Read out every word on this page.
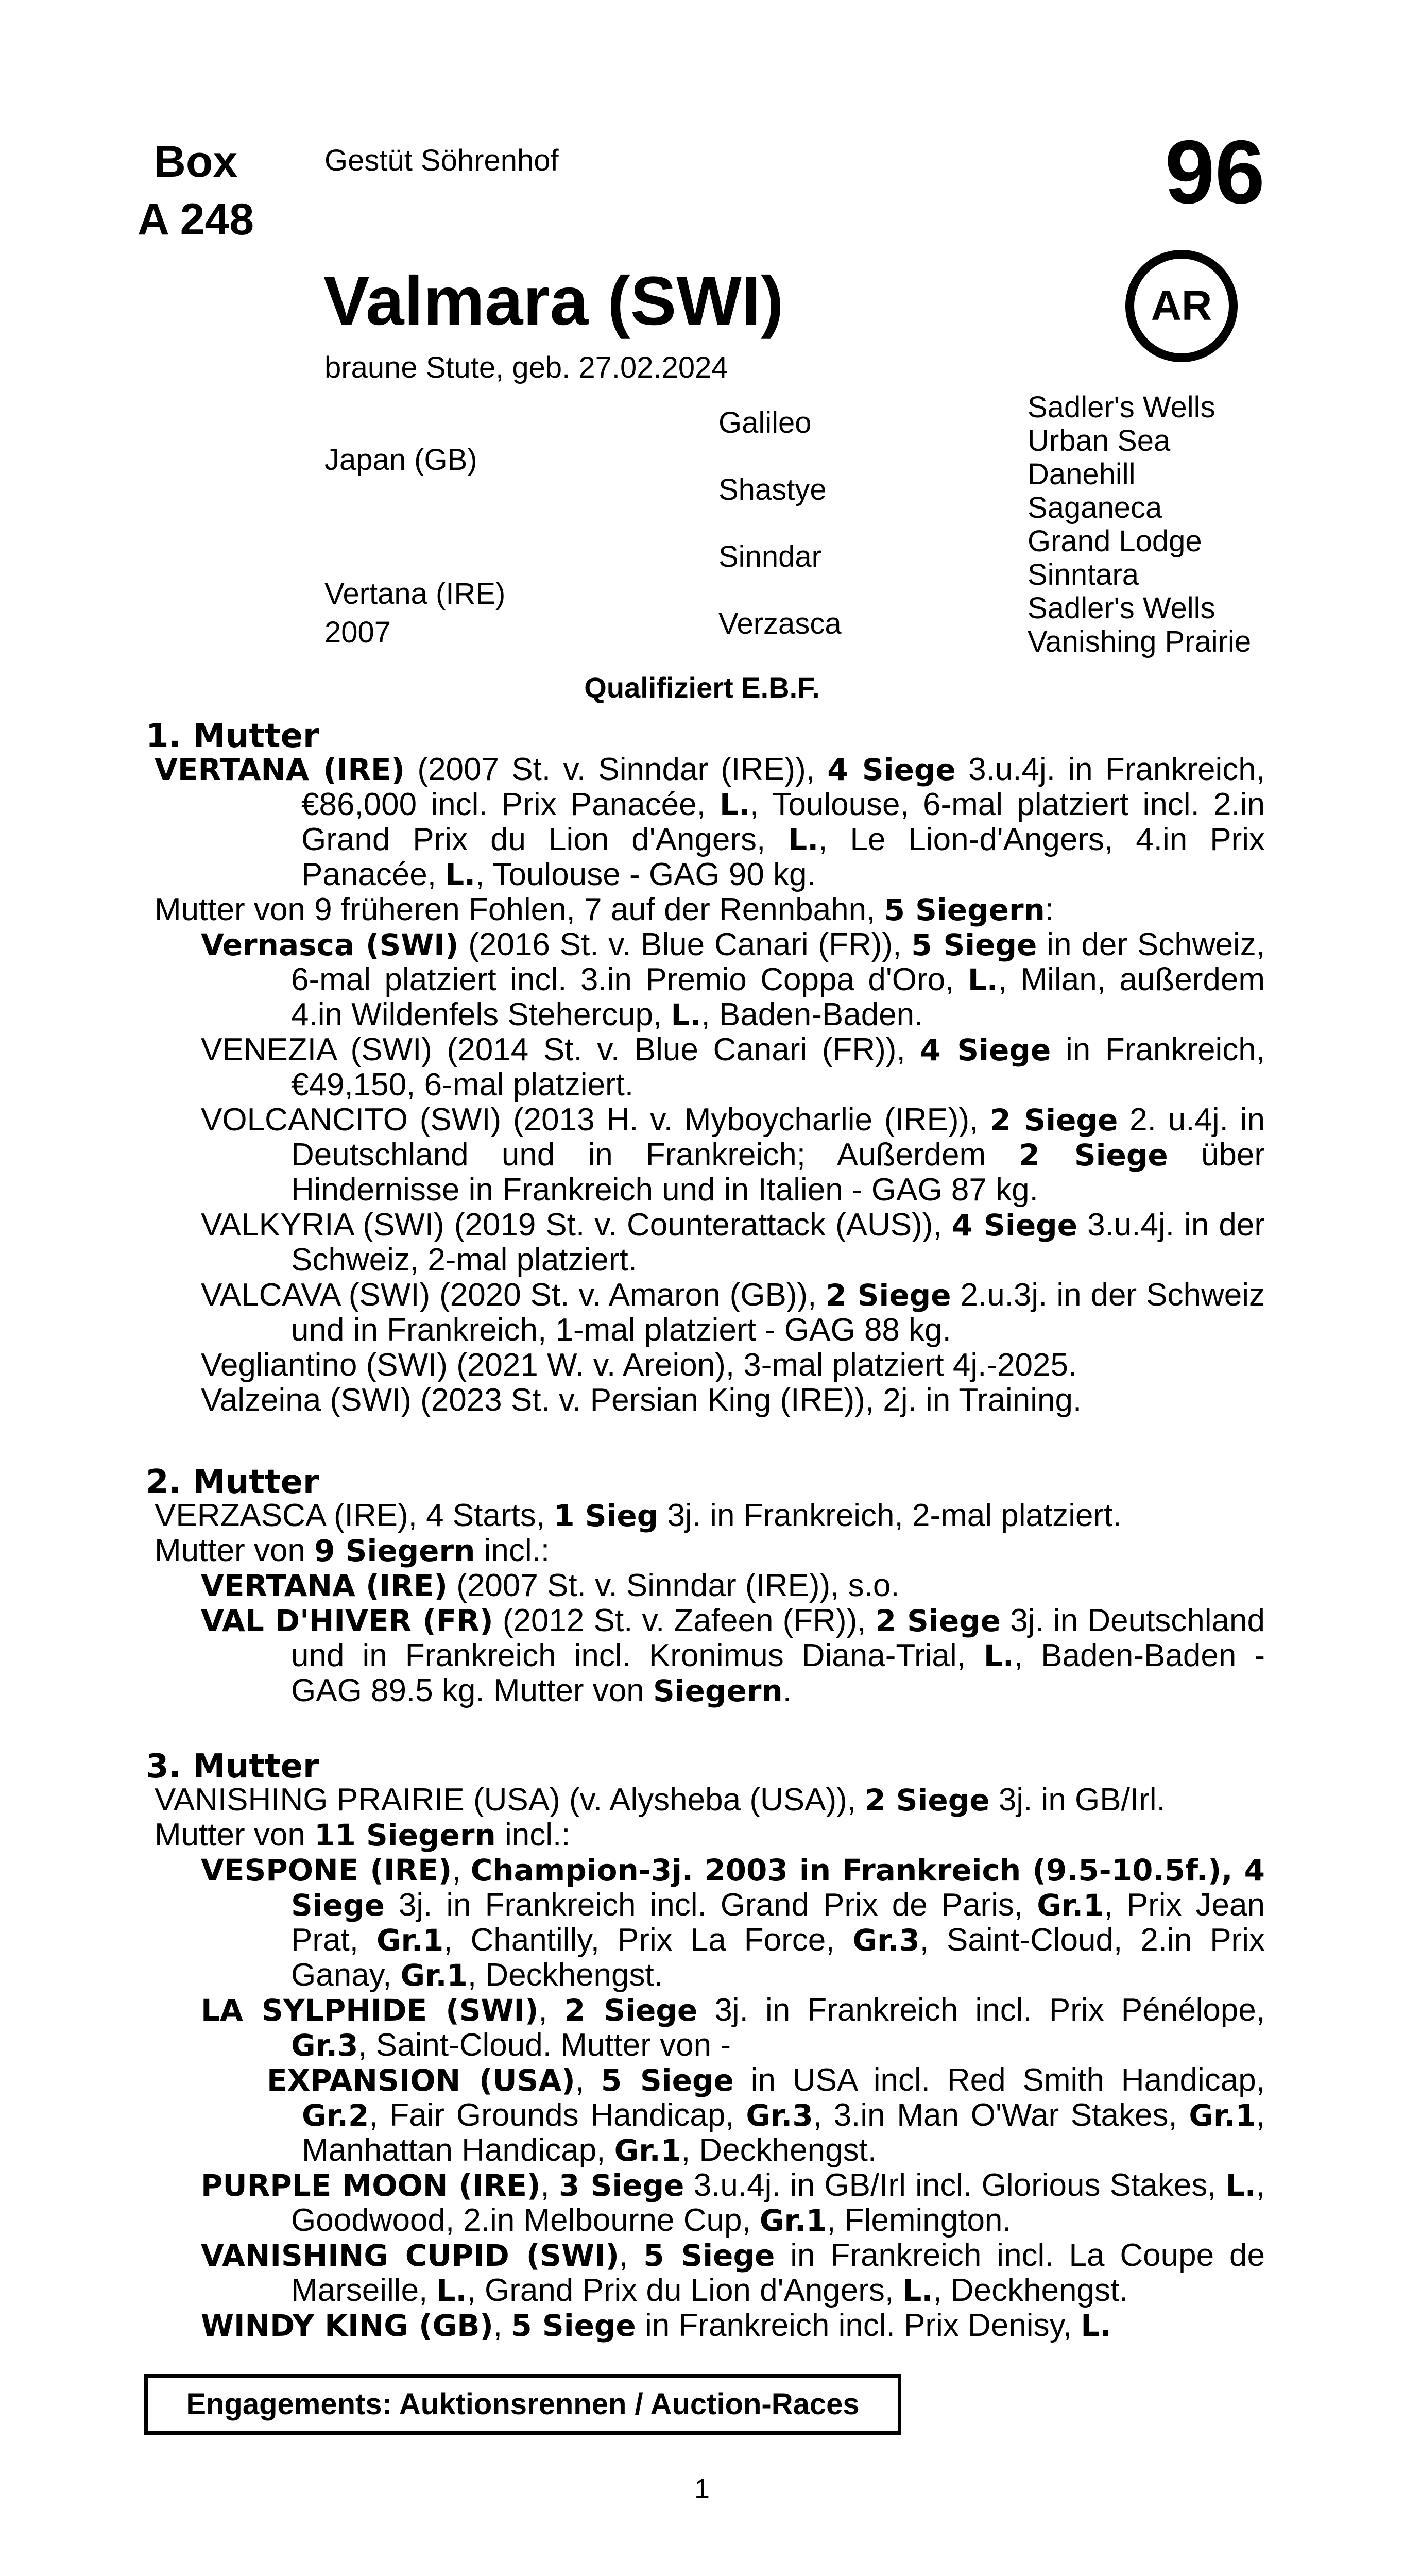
Box
A 248
Gestüt Söhrenhof	96
Valmara (SWI)
braune Stute, geb. 27.02.2024
AR
Japan (GB)
Vertana (IRE)
2007
Galileo
Shastye
Sinndar
Verzasca
Sadler's Wells
Urban Sea
Danehill
Saganeca
Grand Lodge
Sinntara
Sadler's Wells
Vanishing Prairie
Qualifiziert E.B.F.
1. Mutter
VERTANA (IRE) (2007 St. v. Sinndar (IRE)), 4 Siege 3.u.4j. in Frankreich, €86,000 incl. Prix Panacée, L., Toulouse, 6-mal platziert incl. 2.in Grand Prix du Lion d'Angers, L., Le Lion-d'Angers, 4.in Prix Panacée, L., Toulouse - GAG 90 kg.
Mutter von 9 früheren Fohlen, 7 auf der Rennbahn, 5 Siegern:
Vernasca (SWI) (2016 St. v. Blue Canari (FR)), 5 Siege in der Schweiz, 6-mal platziert incl. 3.in Premio Coppa d'Oro, L., Milan, außerdem 4.in Wildenfels Stehercup, L., Baden-Baden.
VENEZIA (SWI) (2014 St. v. Blue Canari (FR)), 4 Siege in Frankreich, €49,150, 6-mal platziert.
VOLCANCITO (SWI) (2013 H. v. Myboycharlie (IRE)), 2 Siege 2. u.4j. in Deutschland und in Frankreich; Außerdem 2 Siege über Hindernisse in Frankreich und in Italien - GAG 87 kg.
VALKYRIA (SWI) (2019 St. v. Counterattack (AUS)), 4 Siege 3.u.4j. in der Schweiz, 2-mal platziert.
VALCAVA (SWI) (2020 St. v. Amaron (GB)), 2 Siege 2.u.3j. in der Schweiz und in Frankreich, 1-mal platziert - GAG 88 kg.
Vegliantino (SWI) (2021 W. v. Areion), 3-mal platziert 4j.-2025.
Valzeina (SWI) (2023 St. v. Persian King (IRE)), 2j. in Training.
2. Mutter
VERZASCA (IRE), 4 Starts, 1 Sieg 3j. in Frankreich, 2-mal platziert.
Mutter von 9 Siegern incl.:
VERTANA (IRE) (2007 St. v. Sinndar (IRE)), s.o.
VAL D'HIVER (FR) (2012 St. v. Zafeen (FR)), 2 Siege 3j. in Deutschland und in Frankreich incl. Kronimus Diana-Trial, L., Baden-Baden - GAG 89.5 kg. Mutter von Siegern.
3. Mutter
VANISHING PRAIRIE (USA) (v. Alysheba (USA)), 2 Siege 3j. in GB/Irl.
Mutter von 11 Siegern incl.:
VESPONE (IRE), Champion-3j. 2003 in Frankreich (9.5-10.5f.), 4 Siege 3j. in Frankreich incl. Grand Prix de Paris, Gr.1, Prix Jean Prat, Gr.1, Chantilly, Prix La Force, Gr.3, Saint-Cloud, 2.in Prix Ganay, Gr.1, Deckhengst.
LA SYLPHIDE (SWI), 2 Siege 3j. in Frankreich incl. Prix Pénélope, Gr.3, Saint-Cloud. Mutter von -
EXPANSION (USA), 5 Siege in USA incl. Red Smith Handicap, Gr.2, Fair Grounds Handicap, Gr.3, 3.in Man O'War Stakes, Gr.1, Manhattan Handicap, Gr.1, Deckhengst.
PURPLE MOON (IRE), 3 Siege 3.u.4j. in GB/Irl incl. Glorious Stakes, L., Goodwood, 2.in Melbourne Cup, Gr.1, Flemington.
VANISHING CUPID (SWI), 5 Siege in Frankreich incl. La Coupe de Marseille, L., Grand Prix du Lion d'Angers, L., Deckhengst.
WINDY KING (GB), 5 Siege in Frankreich incl. Prix Denisy, L.
Engagements: Auktionsrennen / Auction-Races
1
